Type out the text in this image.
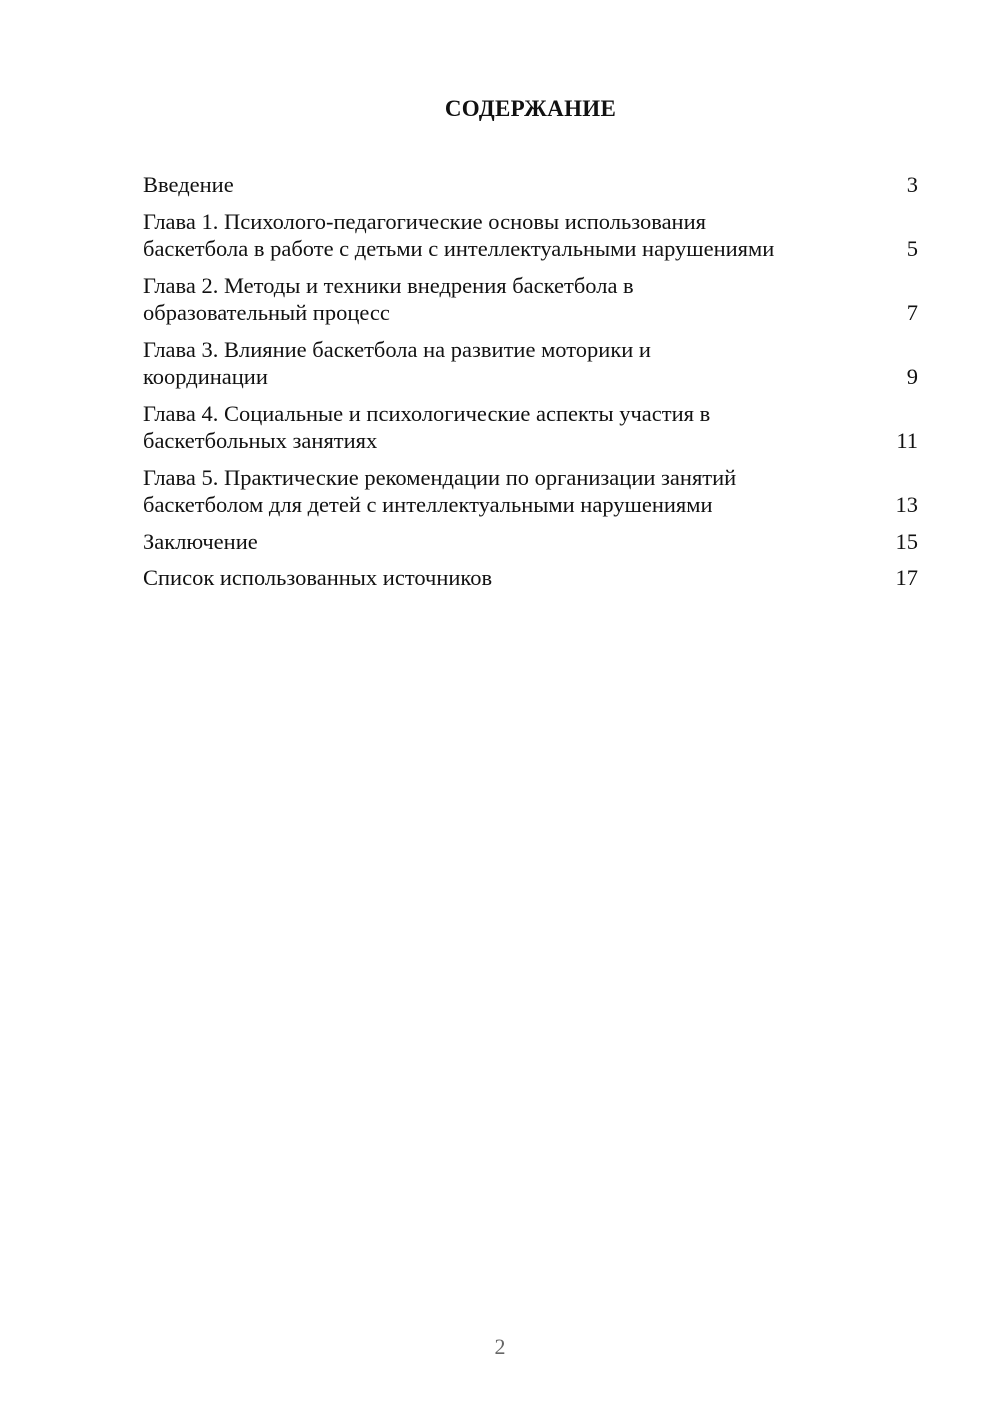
СОДЕРЖАНИЕ
Введение	3
Глава 1. Психолого-педагогические основы использования баскетбола в работе с детьми с интеллектуальными нарушениями	5
Глава 2. Методы и техники внедрения баскетбола в образовательный процесс	7
Глава 3. Влияние баскетбола на развитие моторики и координации	9
Глава 4. Социальные и психологические аспекты участия в баскетбольных занятиях	11
Глава 5. Практические рекомендации по организации занятий баскетболом для детей с интеллектуальными нарушениями	13
Заключение	15
Список использованных источников	17
2
